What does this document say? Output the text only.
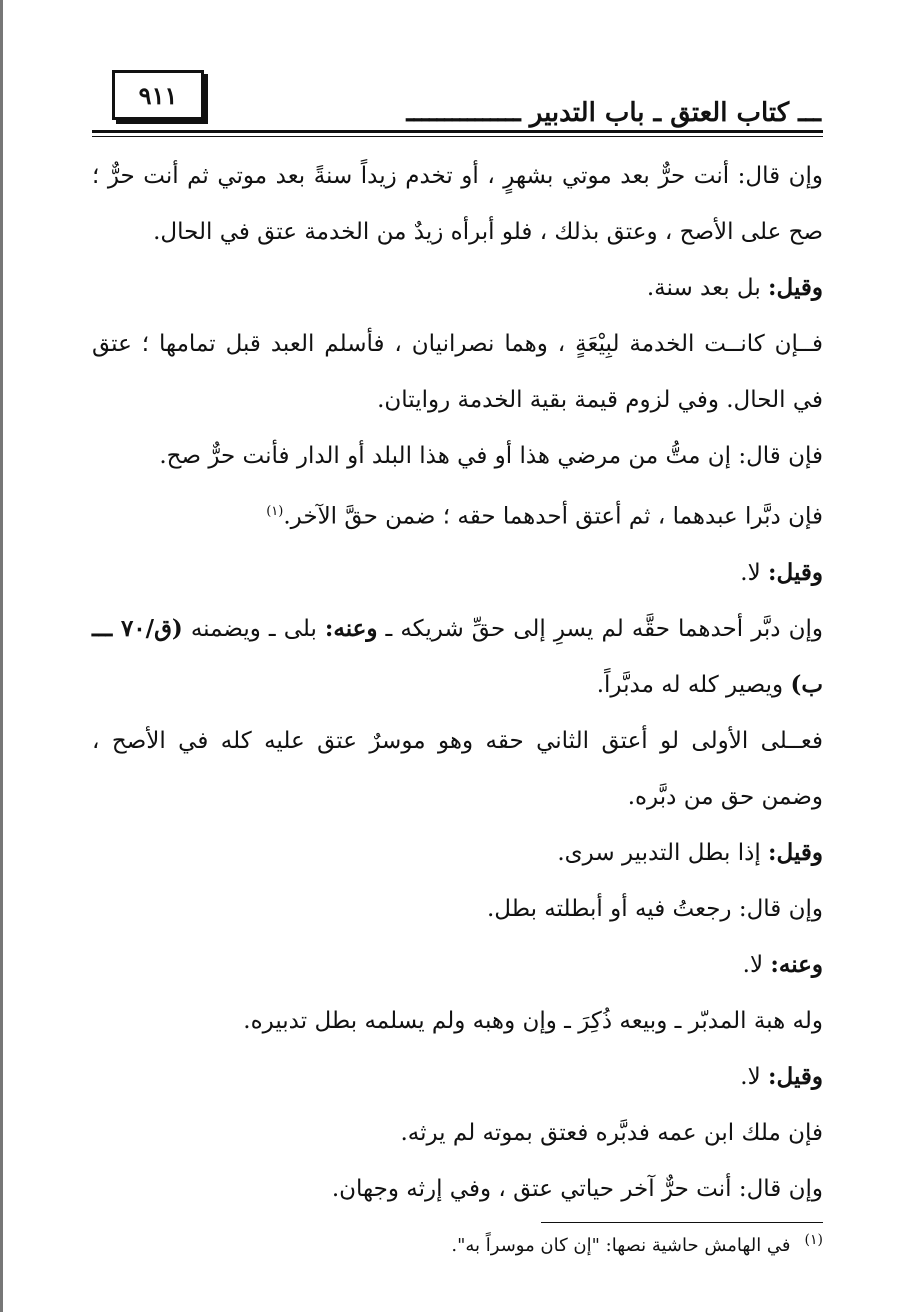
٩١١
ـــ كتاب العتق ـ باب التدبير ـــــــــــــــ

وإن قال: أنت حرٌّ بعد موتي بشهرٍ ، أو تخدم زيداً سنةً بعد موتي ثم أنت حرٌّ ؛ صح على الأصح ، وعتق بذلك ، فلو أبرأه زيدٌ من الخدمة عتق في الحال.

وقيل: بل بعد سنة.

فــإن كانــت الخدمة لبِيْعَةٍ ، وهما نصرانيان ، فأسلم العبد قبل تمامها ؛ عتق في الحال. وفي لزوم قيمة بقية الخدمة روايتان.

فإن قال: إن متُّ من مرضي هذا أو في هذا البلد أو الدار فأنت حرٌّ صح.

فإن دبَّرا عبدهما ، ثم أعتق أحدهما حقه ؛ ضمن حقَّ الآخر.$^{(١)}$

وقيل: لا.

وإن دبَّر أحدهما حقَّه لم يسرِ إلى حقِّ شريكه ـ وعنه: بلى ـ ويضمنه (ق/٧٠ ـــ ب) ويصير كله له مدبَّراً.

فعــلى الأولى لو أعتق الثاني حقه وهو موسرٌ عتق عليه كله في الأصح ، وضمن حق من دبَّره.

وقيل: إذا بطل التدبير سرى.

وإن قال: رجعتُ فيه أو أبطلته بطل.

وعنه: لا.

وله هبة المدبّر ـ وبيعه ذُكِرَ ـ وإن وهبه ولم يسلمه بطل تدبيره.

وقيل: لا.

فإن ملك ابن عمه فدبَّره فعتق بموته لم يرثه.

وإن قال: أنت حرٌّ آخر حياتي عتق ، وفي إرثه وجهان.

$^{(١)}$في الهامش حاشية نصها: "إن كان موسراً به".
